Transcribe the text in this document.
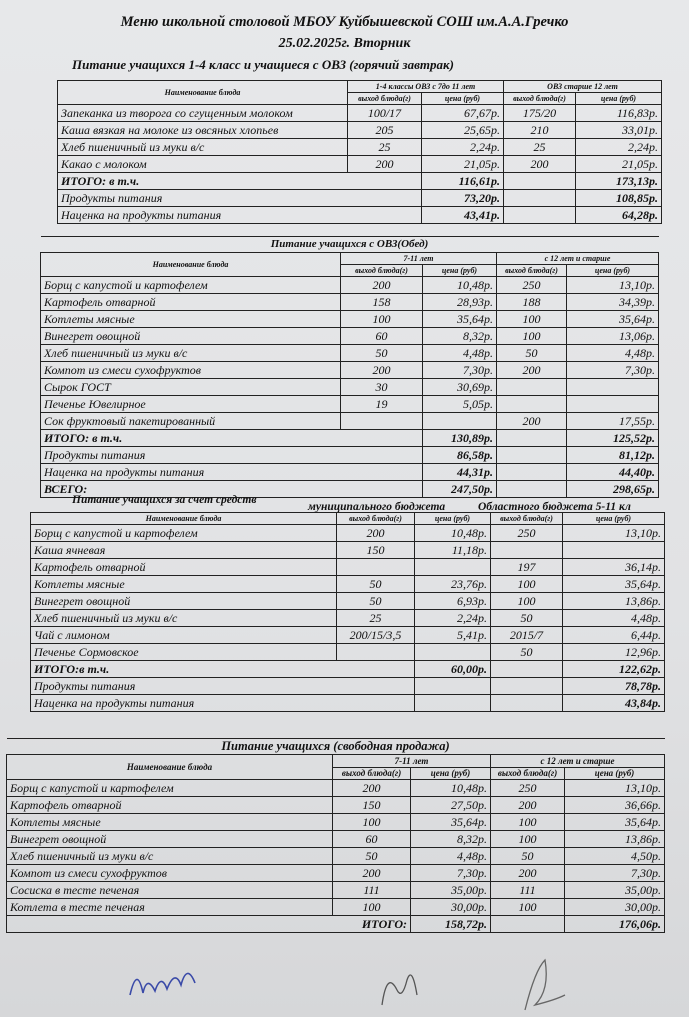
Меню школьной столовой МБОУ Куйбышевской СОШ им.А.А.Гречко
25.02.2025г. Вторник
Питание учащихся 1-4 класс и учащиеся с ОВЗ (горячий завтрак)
Наименование блюда	1-4 классы ОВЗ с 7до 11 лет		ОВЗ старше 12 лет	
	выход блюда(г)	цена (руб)	выход блюда(г)	цена (руб)
Запеканка из творога со сгущенным молоком	100/17	67,67р.	175/20	116,83р.
Каша вязкая на молоке из овсяных хлопьев	205	25,65р.	210	33,01р.
Хлеб пшеничный из муки в/с	25	2,24р.	25	2,24р.
Какао с молоком	200	21,05р.	200	21,05р.
ИТОГО: в т.ч.		116,61р.		173,13р.
Продукты питания		73,20р.		108,85р.
Наценка на продукты питания		43,41р.		64,28р.
Питание учащихся с ОВЗ(Обед)				
Наименование блюда	7-11 лет		с 12 лет и старше	
	выход блюда(г)	цена (руб)	выход блюда(г)	цена (руб)
Борщ с капустой и картофелем	200	10,48р.	250	13,10р.
Картофель отварной	158	28,93р.	188	34,39р.
Котлеты мясные	100	35,64р.	100	35,64р.
Винегрет овощной	60	8,32р.	100	13,06р.
Хлеб пшеничный из муки в/с	50	4,48р.	50	4,48р.
Компот из смеси сухофруктов	200	7,30р.	200	7,30р.
Сырок ГОСТ	30	30,69р.		
Печенье Ювелирное	19	5,05р.		
Сок фруктовый пакетированный			200	17,55р.
ИТОГО: в т.ч.		130,89р.		125,52р.
Продукты питания		86,58р.		81,12р.
Наценка на продукты питания		44,31р.		44,40р.
ВСЕГО:		247,50р.		298,65р.
Питание учащихся за счет средств
муниципального бюджета	Областного бюджета 5-11 кл
Наименование блюда	выход блюда(г)	цена (руб)	выход блюда(г)	цена (руб)
Борщ с капустой и картофелем	200	10,48р.	250	13,10р.
Каша ячневая	150	11,18р.		
Картофель отварной			197	36,14р.
Котлеты мясные	50	23,76р.	100	35,64р.
Винегрет овощной	50	6,93р.	100	13,86р.
Хлеб пшеничный из муки в/с	25	2,24р.	50	4,48р.
Чай с лимоном	200/15/3,5	5,41р.	2015/7	6,44р.
Печенье Сормовское			50	12,96р.
ИТОГО:в т.ч.		60,00р.		122,62р.
Продукты питания				78,78р.
Наценка на продукты питания				43,84р.
Питание учащихся (свободная продажа)				
Наименование блюда	7-11 лет		с 12 лет и старше	
	выход блюда(г)	цена (руб)	выход блюда(г)	цена (руб)
Борщ с капустой и картофелем	200	10,48р.	250	13,10р.
Картофель отварной	150	27,50р.	200	36,66р.
Котлеты мясные	100	35,64р.	100	35,64р.
Винегрет овощной	60	8,32р.	100	13,86р.
Хлеб пшеничный из муки в/с	50	4,48р.	50	4,50р.
Компот из смеси сухофруктов	200	7,30р.	200	7,30р.
Сосиска в тесте печеная	111	35,00р.	111	35,00р.
Котлета в тесте печеная	100	30,00р.	100	30,00р.
ИТОГО:		158,72р.		176,06р.
